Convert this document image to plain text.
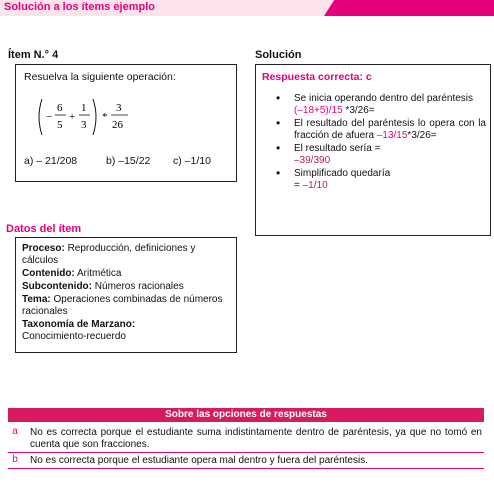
Solución a los ítems ejemplo
Ítem N.° 4
Resuelva la siguiente operación:
−
6
5
+
1
3
*
3
26
a) – 21/208	b) –15/22 c) –1/10
Solución
Respuesta correcta: c
• Se inicia operando dentro del paréntesis
(–18+5)/15 *3/26=
• El resultado del paréntesis lo opera con la fracción de afuera –13/15*3/26=
• El resultado sería =
–39/390
• Simplificado quedaría
= –1/10
Datos del ítem

Proceso: Reproducción, definiciones y cálculos

Contenido: Aritmética

Subcontenido: Números racionales

Tema: Operaciones combinadas de números racionales

Taxonomía de Marzano:
Conocimiento-recuerdo

Sobre las opciones de respuestas
a	No es correcta porque el estudiante suma indistintamente dentro de paréntesis, ya que no tomó en cuenta que son fracciones.
b	No es correcta porque el estudiante opera mal dentro y fuera del paréntesis.
